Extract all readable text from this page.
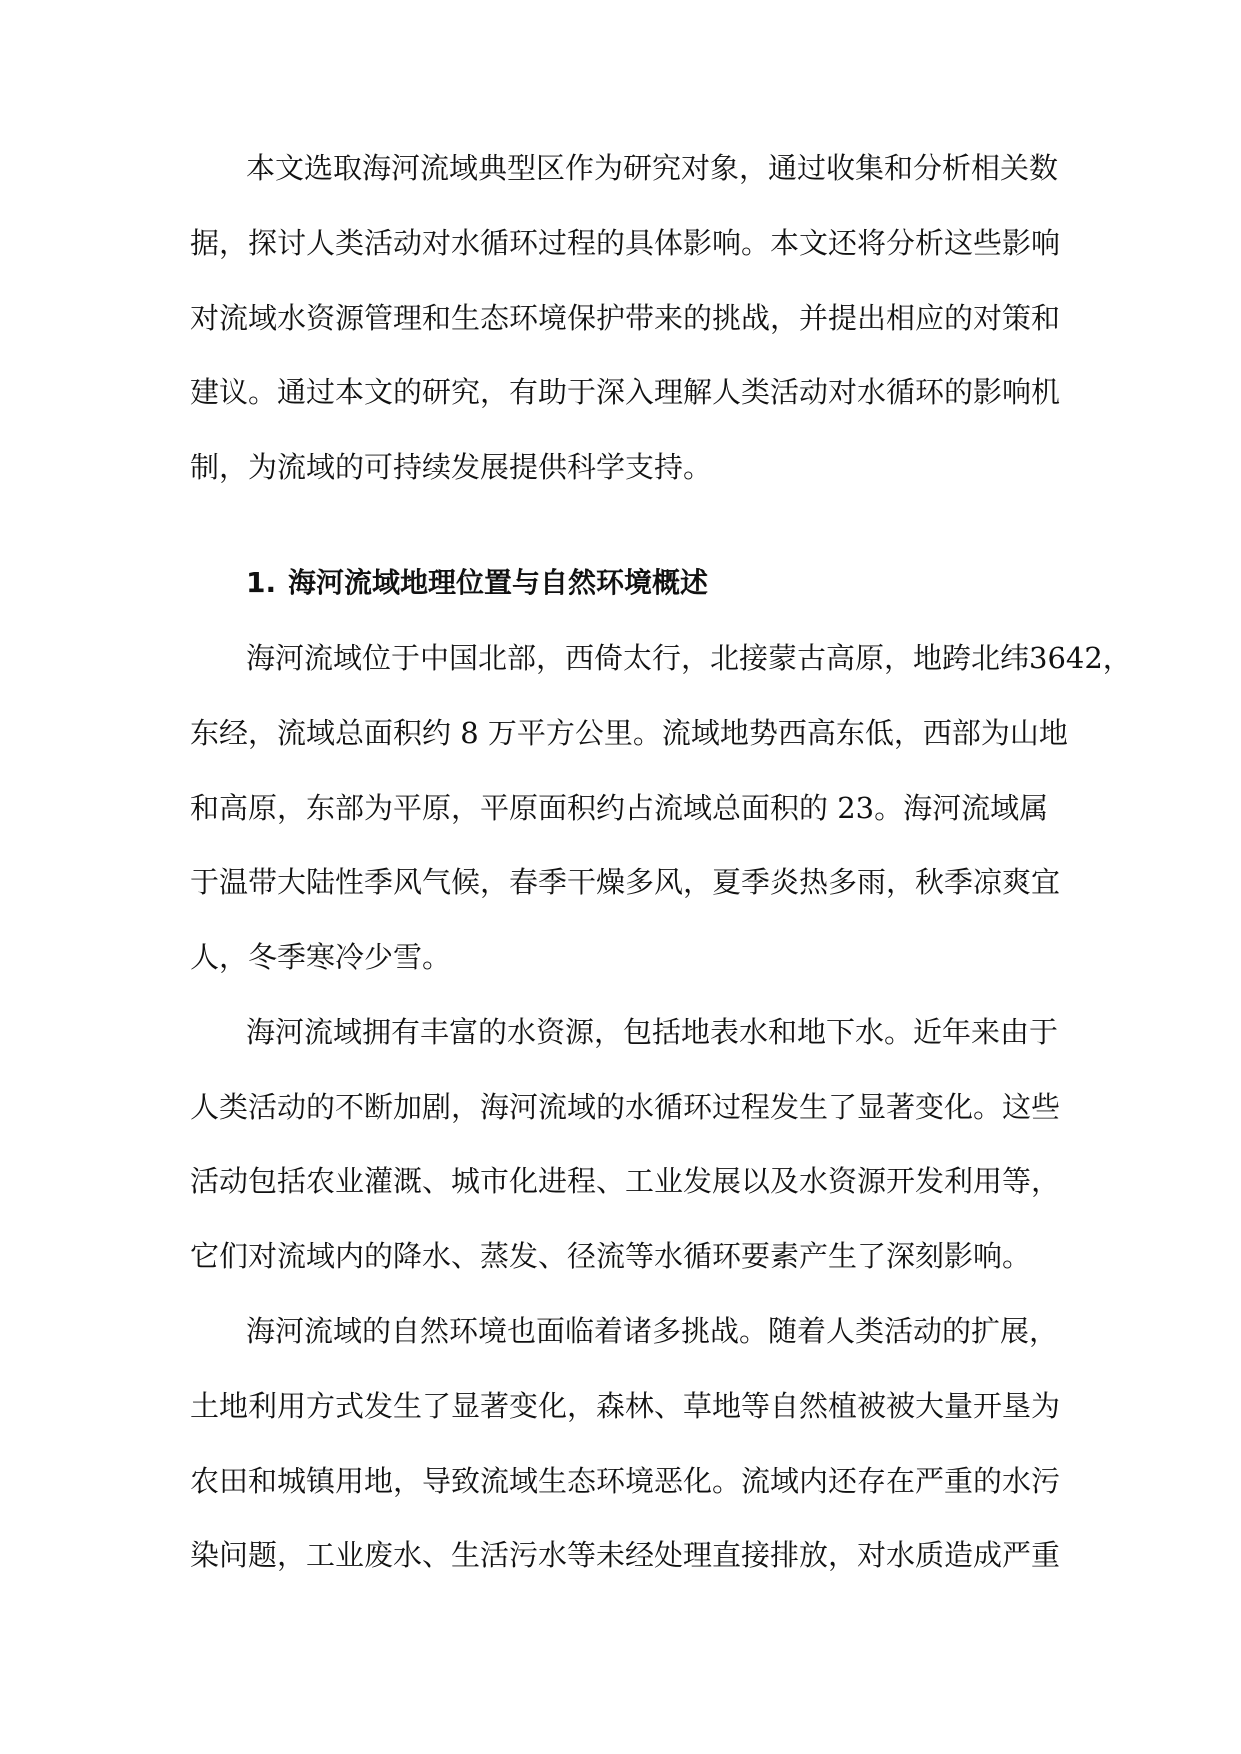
本文选取海河流域典型区作为研究对象，通过收集和分析相关数
据，探讨人类活动对水循环过程的具体影响。本文还将分析这些影响
对流域水资源管理和生态环境保护带来的挑战，并提出相应的对策和
建议。通过本文的研究，有助于深入理解人类活动对水循环的影响机
制，为流域的可持续发展提供科学支持。
1. 海河流域地理位置与自然环境概述
海河流域位于中国北部，西倚太行，北接蒙古高原，地跨北纬3642，
东经，流域总面积约 8 万平方公里。流域地势西高东低，西部为山地
和高原，东部为平原，平原面积约占流域总面积的 23。海河流域属
于温带大陆性季风气候，春季干燥多风，夏季炎热多雨，秋季凉爽宜
人，冬季寒冷少雪。
海河流域拥有丰富的水资源，包括地表水和地下水。近年来由于
人类活动的不断加剧，海河流域的水循环过程发生了显著变化。这些
活动包括农业灌溉、城市化进程、工业发展以及水资源开发利用等，
它们对流域内的降水、蒸发、径流等水循环要素产生了深刻影响。
海河流域的自然环境也面临着诸多挑战。随着人类活动的扩展，
土地利用方式发生了显著变化，森林、草地等自然植被被大量开垦为
农田和城镇用地，导致流域生态环境恶化。流域内还存在严重的水污
染问题，工业废水、生活污水等未经处理直接排放，对水质造成严重
